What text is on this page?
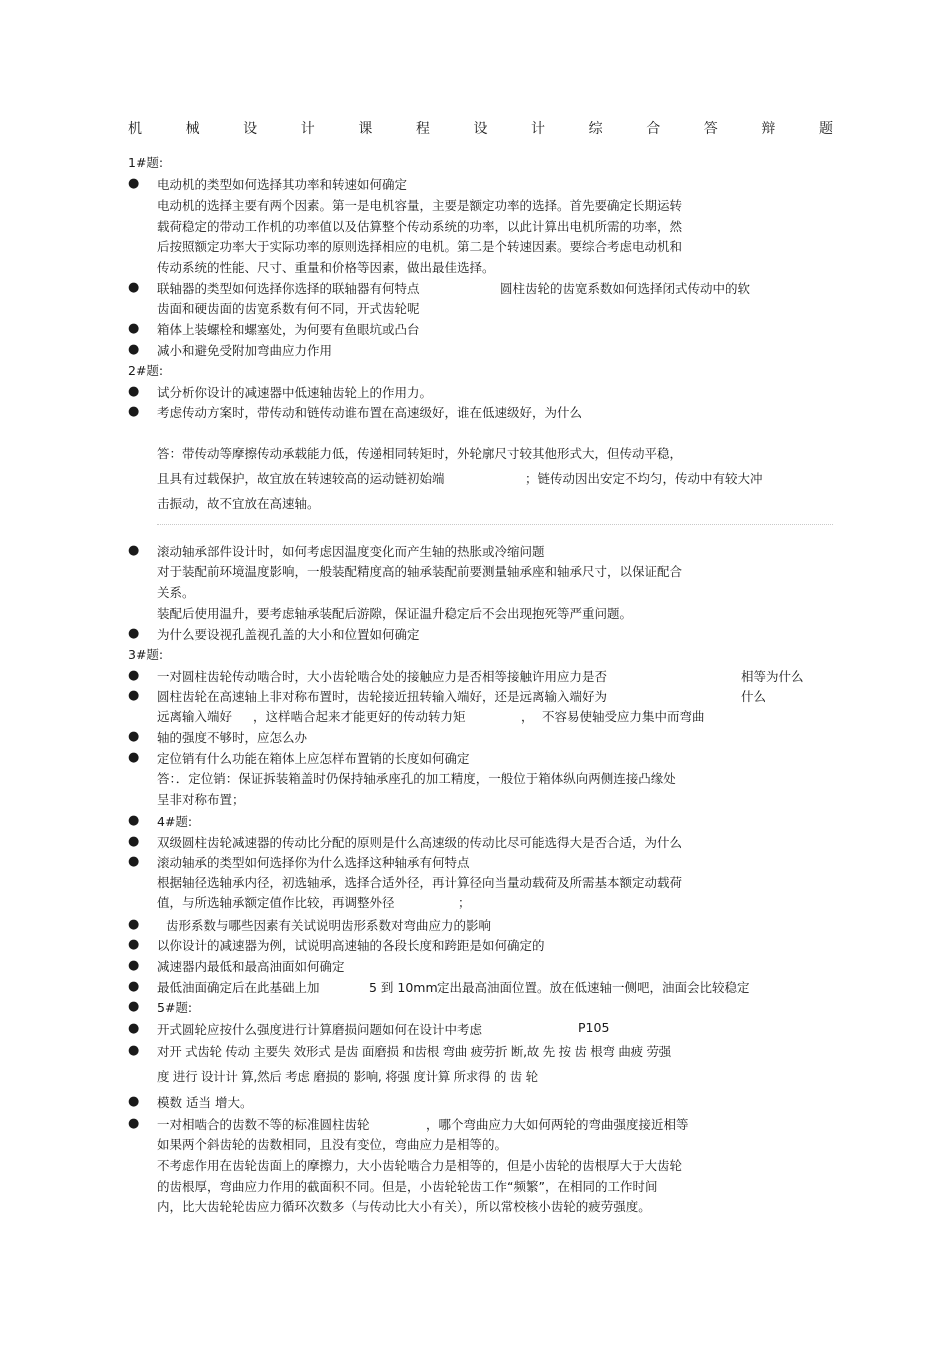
机	械	设	计	课	程	设	计	综	合	答	辩	题
1#题:
● 电动机的类型如何选择其功率和转速如何确定
电动机的选择主要有两个因素。第一是电机容量，主要是额定功率的选择。首先要确定长期运转
载荷稳定的带动工作机的功率值以及估算整个传动系统的功率，以此计算出电机所需的功率，然
后按照额定功率大于实际功率的原则选择相应的电机。第二是个转速因素。要综合考虑电动机和
传动系统的性能、尺寸、重量和价格等因素，做出最佳选择。
● 联轴器的类型如何选择你选择的联轴器有何特点	圆柱齿轮的齿宽系数如何选择闭式传动中的软
齿面和硬齿面的齿宽系数有何不同，开式齿轮呢
● 箱体上装螺栓和螺塞处，为何要有鱼眼坑或凸台
● 减小和避免受附加弯曲应力作用
2#题:
● 试分析你设计的减速器中低速轴齿轮上的作用力。
● 考虑传动方案时，带传动和链传动谁布置在高速级好，谁在低速级好，为什么
答：带传动等摩擦传动承载能力低，传递相同转矩时，外轮廓尺寸较其他形式大，但传动平稳，
且具有过载保护，故宜放在转速较高的运动链初始端	；链传动因出安定不均匀，传动中有较大冲
击振动，故不宜放在高速轴。
● 滚动轴承部件设计时，如何考虑因温度变化而产生轴的热胀或冷缩问题
对于装配前环境温度影响，一般装配精度高的轴承装配前要测量轴承座和轴承尺寸，以保证配合
关系。
装配后使用温升，要考虑轴承装配后游隙，保证温升稳定后不会出现抱死等严重问题。
● 为什么要设视孔盖视孔盖的大小和位置如何确定
3#题:
● 一对圆柱齿轮传动啮合时，大小齿轮啮合处的接触应力是否相等接触许用应力是否	相等为什么
● 圆柱齿轮在高速轴上非对称布置时，齿轮接近扭转输入端好，还是远离输入端好为	什么
远离输入端好 ，这样啮合起来才能更好的传动转力矩	， 不容易使轴受应力集中而弯曲
● 轴的强度不够时，应怎么办
● 定位销有什么功能在箱体上应怎样布置销的长度如何确定
答：．定位销：保证拆装箱盖时仍保持轴承座孔的加工精度，一般位于箱体纵向两侧连接凸缘处
呈非对称布置；
● 4#题:
● 双级圆柱齿轮减速器的传动比分配的原则是什么高速级的传动比尽可能选得大是否合适，为什么
● 滚动轴承的类型如何选择你为什么选择这种轴承有何特点
根据轴径选轴承内径，初选轴承，选择合适外径，再计算径向当量动载荷及所需基本额定动载荷
值，与所选轴承额定值作比较，再调整外径	；
● 齿形系数与哪些因素有关试说明齿形系数对弯曲应力的影响
● 以你设计的减速器为例，试说明高速轴的各段长度和跨距是如何确定的
● 减速器内最低和最高油面如何确定
● 最低油面确定后在此基础上加	5 到 10mm 定出最高油面位置。放在低速轴一侧吧，油面会比较稳定
● 5#题:
● 开式圆轮应按什么强度进行计算磨损问题如何在设计中考虑	P105
● 对开 式齿轮 传动 主要失 效形式 是齿 面磨损 和齿根 弯曲 疲劳折 断,故 先 按 齿 根弯 曲疲 劳强
度 进行 设计计 算,然后 考虑 磨损的 影响, 将强 度计算 所求得 的 齿 轮
● 模数 适当 增大。
● 一对相啮合的齿数不等的标准圆柱齿轮	，哪个弯曲应力大如何两轮的弯曲强度接近相等
如果两个斜齿轮的齿数相同，且没有变位，弯曲应力是相等的。
不考虑作用在齿轮齿面上的摩擦力，大小齿轮啮合力是相等的，但是小齿轮的齿根厚大于大齿轮
的齿根厚，弯曲应力作用的截面积不同。但是，小齿轮轮齿工作“频繁”，在相同的工作时间
内，比大齿轮轮齿应力循环次数多（与传动比大小有关），所以常校核小齿轮的疲劳强度。
